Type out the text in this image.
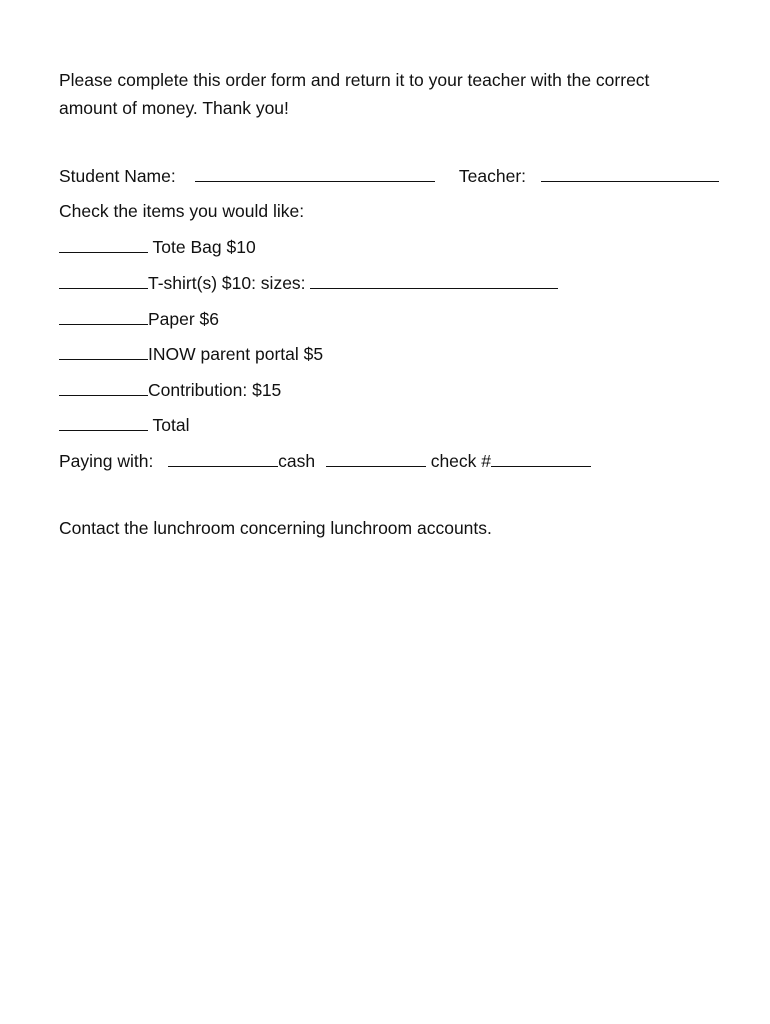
Please complete this order form and return it to your teacher with the correct amount of money. Thank you!

Student Name:	Teacher:
Check the items you would like:
Tote Bag $10
T-shirt(s) $10: sizes:
Paper $6
INOW parent portal $5
Contribution: $15
Total
Paying with:	cash	check #
Contact the lunchroom concerning lunchroom accounts.
